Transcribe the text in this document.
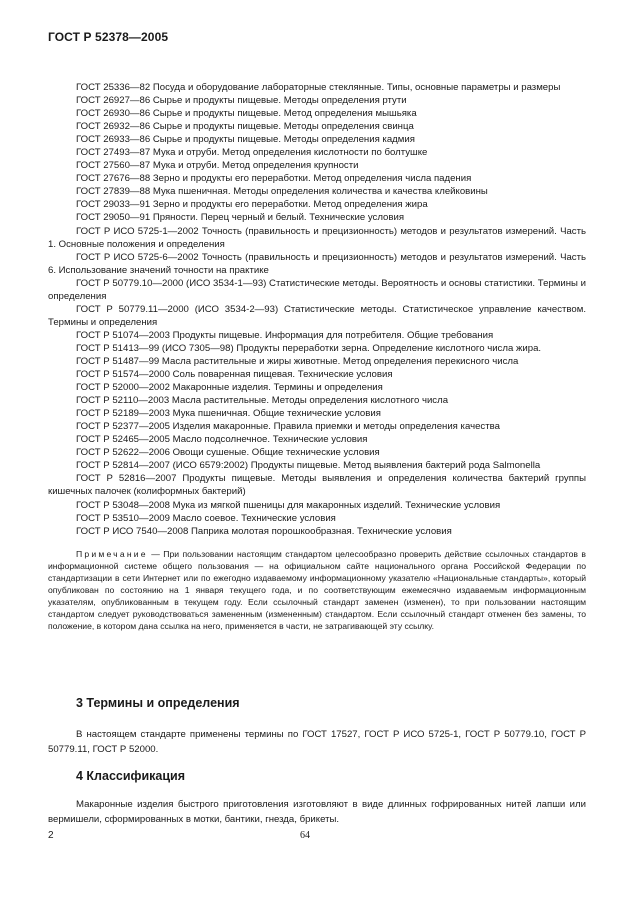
ГОСТ Р 52378—2005

ГОСТ 25336—82 Посуда и оборудование лабораторные стеклянные. Типы, основные параметры и размеры

ГОСТ 26927—86 Сырье и продукты пищевые. Методы определения ртути

ГОСТ 26930—86 Сырье и продукты пищевые. Метод определения мышьяка

ГОСТ 26932—86 Сырье и продукты пищевые. Методы определения свинца

ГОСТ 26933—86 Сырье и продукты пищевые. Методы определения кадмия

ГОСТ 27493—87 Мука и отруби. Метод определения кислотности по болтушке

ГОСТ 27560—87 Мука и отруби. Метод определения крупности

ГОСТ 27676—88 Зерно и продукты его переработки. Метод определения числа падения

ГОСТ 27839—88 Мука пшеничная. Методы определения количества и качества клейковины

ГОСТ 29033—91 Зерно и продукты его переработки. Метод определения жира

ГОСТ 29050—91 Пряности. Перец черный и белый. Технические условия

ГОСТ Р ИСО 5725-1—2002 Точность (правильность и прецизионность) методов и результатов измерений. Часть 1. Основные положения и определения

ГОСТ Р ИСО 5725-6—2002 Точность (правильность и прецизионность) методов и результатов измерений. Часть 6. Использование значений точности на практике

ГОСТ Р 50779.10—2000 (ИСО 3534-1—93) Статистические методы. Вероятность и основы статистики. Термины и определения

ГОСТ Р 50779.11—2000 (ИСО 3534-2—93) Статистические методы. Статистическое управление качеством. Термины и определения

ГОСТ Р 51074—2003 Продукты пищевые. Информация для потребителя. Общие требования

ГОСТ Р 51413—99 (ИСО 7305—98) Продукты переработки зерна. Определение кислотного числа жира.

ГОСТ Р 51487—99 Масла растительные и жиры животные. Метод определения перекисного числа

ГОСТ Р 51574—2000 Соль поваренная пищевая. Технические условия

ГОСТ Р 52000—2002 Макаронные изделия. Термины и определения

ГОСТ Р 52110—2003 Масла растительные. Методы определения кислотного числа

ГОСТ Р 52189—2003 Мука пшеничная. Общие технические условия

ГОСТ Р 52377—2005 Изделия макаронные. Правила приемки и методы определения качества

ГОСТ Р 52465—2005 Масло подсолнечное. Технические условия

ГОСТ Р 52622—2006 Овощи сушеные. Общие технические условия

ГОСТ Р 52814—2007 (ИСО 6579:2002) Продукты пищевые. Метод выявления бактерий рода Salmonella

ГОСТ Р 52816—2007 Продукты пищевые. Методы выявления и определения количества бактерий группы кишечных палочек (колиформных бактерий)

ГОСТ Р 53048—2008 Мука из мягкой пшеницы для макаронных изделий. Технические условия

ГОСТ Р 53510—2009 Масло соевое. Технические условия

ГОСТ Р ИСО 7540—2008 Паприка молотая порошкообразная. Технические условия

Примечание — При пользовании настоящим стандартом целесообразно проверить действие ссылочных стандартов в информационной системе общего пользования — на официальном сайте национального органа Российской Федерации по стандартизации в сети Интернет или по ежегодно издаваемому информационному указателю «Национальные стандарты», который опубликован по состоянию на 1 января текущего года, и по соответствующим ежемесячно издаваемым информационным указателям, опубликованным в текущем году. Если ссылочный стандарт заменен (изменен), то при пользовании настоящим стандартом следует руководствоваться замененным (измененным) стандартом. Если ссылочный стандарт отменен без замены, то положение, в котором дана ссылка на него, применяется в части, не затрагивающей эту ссылку.
3 Термины и определения

В настоящем стандарте применены термины по ГОСТ 17527, ГОСТ Р ИСО 5725-1, ГОСТ Р 50779.10, ГОСТ Р 50779.11, ГОСТ Р 52000.

4 Классификация

Макаронные изделия быстрого приготовления изготовляют в виде длинных гофрированных нитей лапши или вермишели, сформированных в мотки, бантики, гнезда, брикеты.

2	64
